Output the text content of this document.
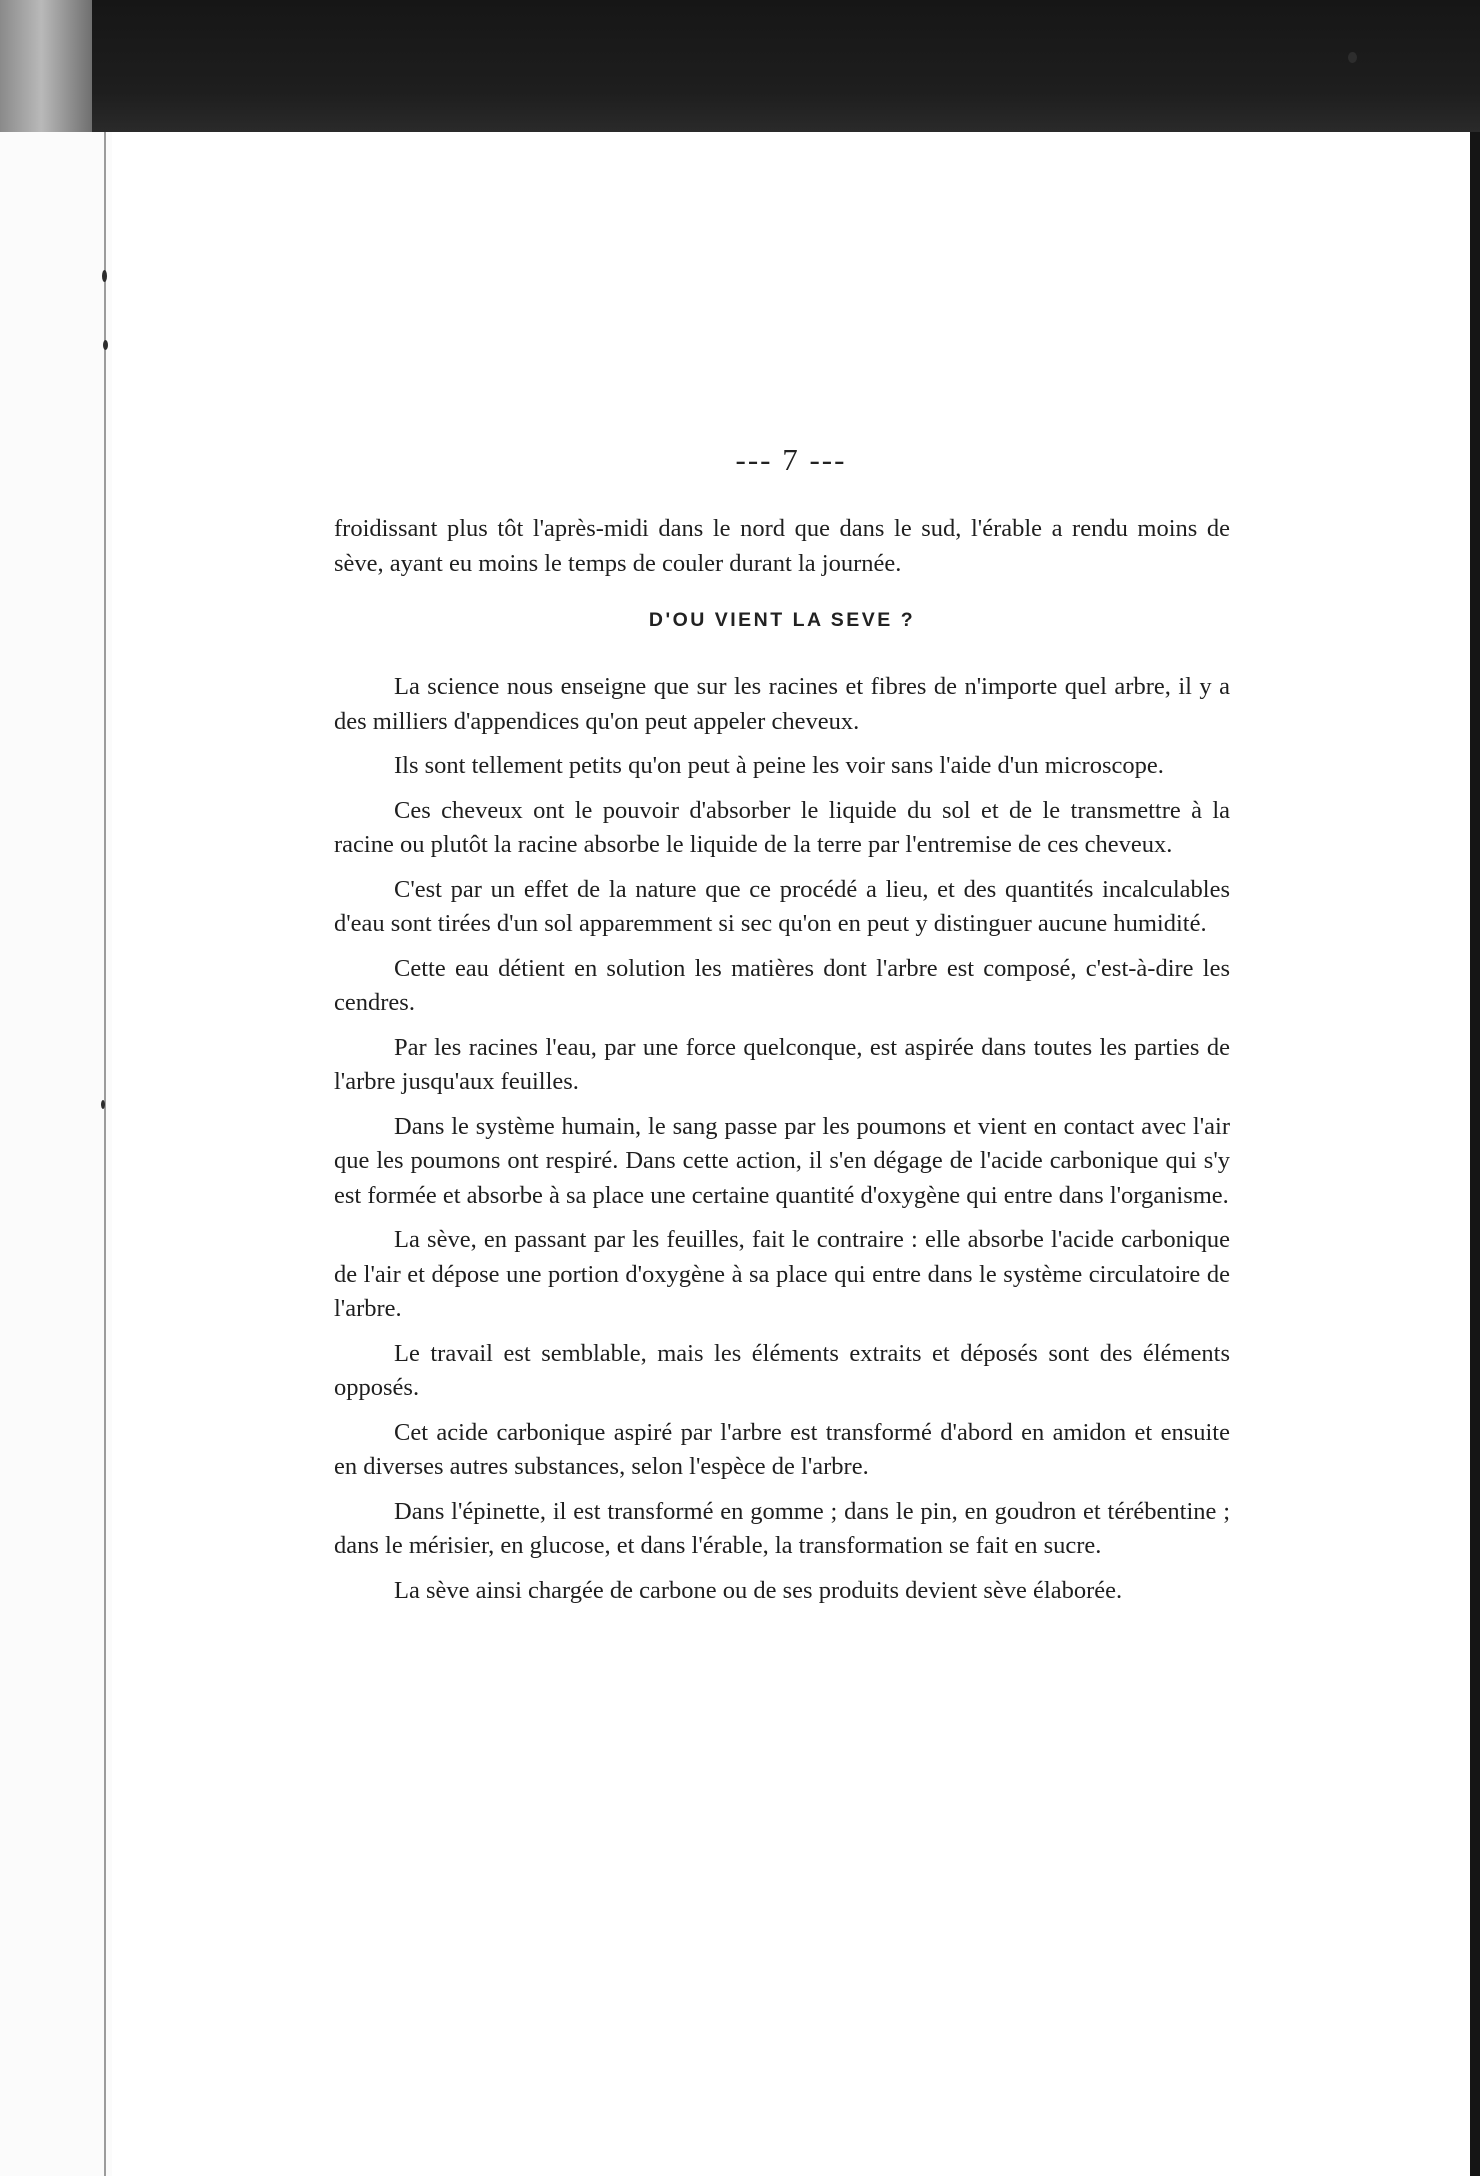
--- 7 ---

froidissant plus tôt l'après-midi dans le nord que dans le sud, l'érable a rendu moins de sève, ayant eu moins le temps de couler durant la journée.

D'OU VIENT LA SEVE ?

La science nous enseigne que sur les racines et fibres de n'importe quel arbre, il y a des milliers d'appendices qu'on peut appeler cheveux.

Ils sont tellement petits qu'on peut à peine les voir sans l'aide d'un microscope.

Ces cheveux ont le pouvoir d'absorber le liquide du sol et de le transmettre à la racine ou plutôt la racine absorbe le liquide de la terre par l'entremise de ces cheveux.

C'est par un effet de la nature que ce procédé a lieu, et des quantités incalculables d'eau sont tirées d'un sol apparemment si sec qu'on en peut y distinguer aucune humidité.

Cette eau détient en solution les matières dont l'arbre est composé, c'est-à-dire les cendres.

Par les racines l'eau, par une force quelconque, est aspirée dans toutes les parties de l'arbre jusqu'aux feuilles.

Dans le système humain, le sang passe par les poumons et vient en contact avec l'air que les poumons ont respiré. Dans cette action, il s'en dégage de l'acide carbonique qui s'y est formée et absorbe à sa place une certaine quantité d'oxygène qui entre dans l'organisme.

La sève, en passant par les feuilles, fait le contraire : elle absorbe l'acide carbonique de l'air et dépose une portion d'oxygène à sa place qui entre dans le système circulatoire de l'arbre.

Le travail est semblable, mais les éléments extraits et déposés sont des éléments opposés.

Cet acide carbonique aspiré par l'arbre est transformé d'abord en amidon et ensuite en diverses autres substances, selon l'espèce de l'arbre.

Dans l'épinette, il est transformé en gomme ; dans le pin, en goudron et térébentine ; dans le mérisier, en glucose, et dans l'érable, la transformation se fait en sucre.

La sève ainsi chargée de carbone ou de ses produits devient sève élaborée.
